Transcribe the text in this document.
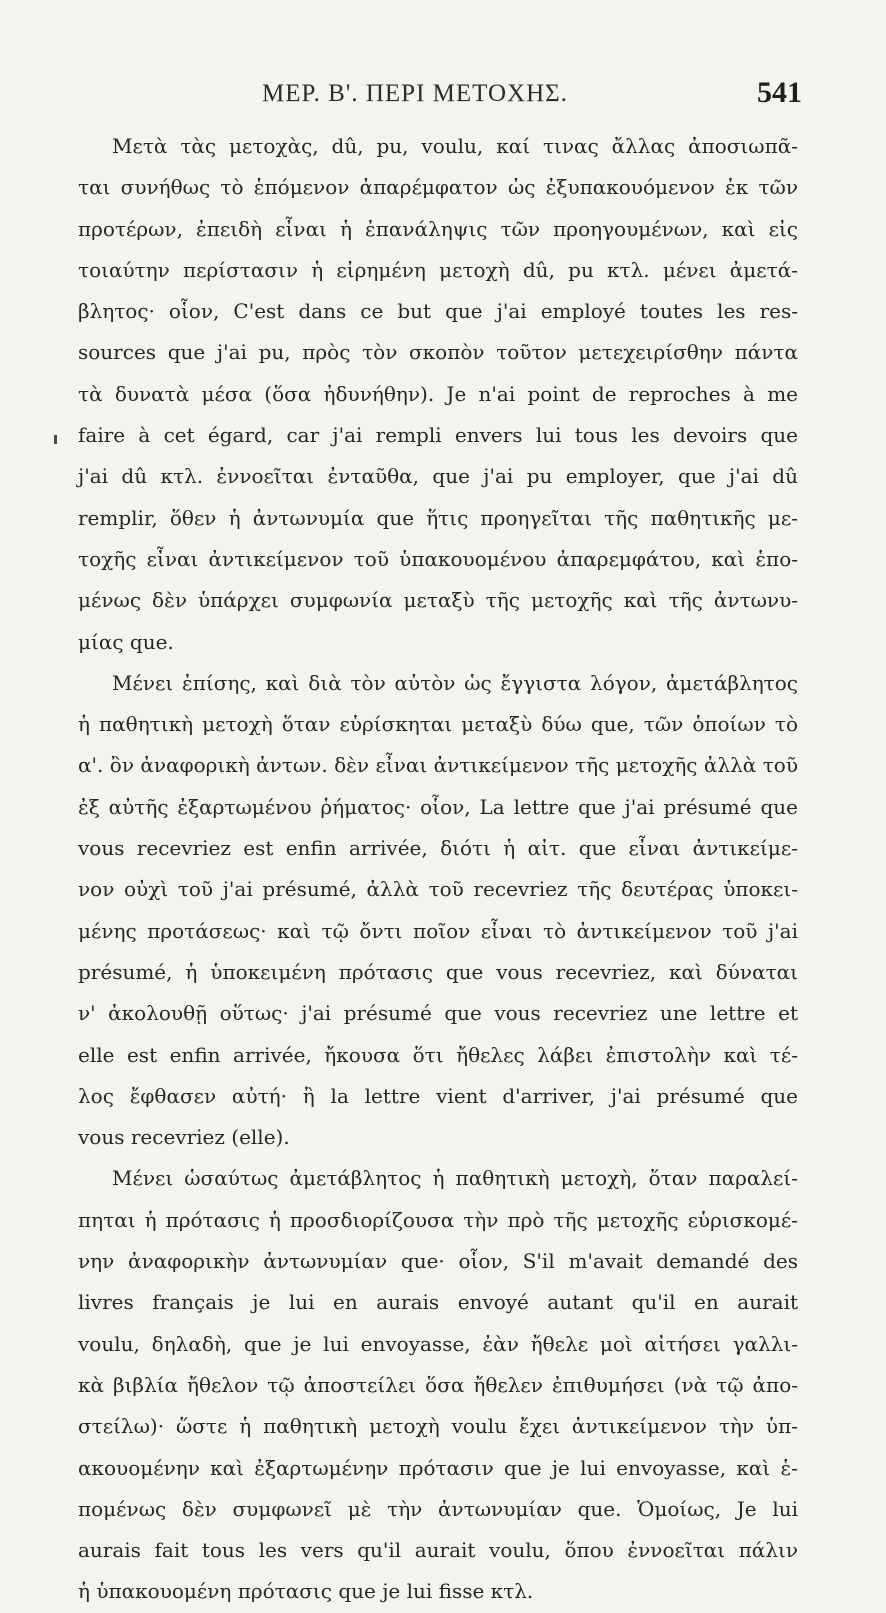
ΜΕΡ. Β'. ΠΕΡΙ ΜΕΤΟΧΗΣ.	541
Μετὰ τὰς μετοχὰς, dû, pu, voulu, καί τινας ἄλλας ἀποσιωπᾶ-
ται συνήθως τὸ ἑπόμενον ἀπαρέμφατον ὡς ἐξυπακουόμενον ἐκ τῶν
προτέρων, ἐπειδὴ εἶναι ἡ ἐπανάληψις τῶν προηγουμένων, καὶ εἰς
τοιαύτην περίστασιν ἡ εἰρημένη μετοχὴ dû, pu κτλ. μένει ἀμετά-
βλητος· οἷον, C'est dans ce but que j'ai employé toutes les res-
sources que j'ai pu, πρὸς τὸν σκοπὸν τοῦτον μετεχειρίσθην πάντα
τὰ δυνατὰ μέσα (ὅσα ἠδυνήθην). Je n'ai point de reproches à me
faire à cet égard, car j'ai rempli envers lui tous les devoirs que
j'ai dû κτλ. ἐννοεῖται ἐνταῦθα, que j'ai pu employer, que j'ai dû
remplir, ὅθεν ἡ ἀντωνυμία que ἥτις προηγεῖται τῆς παθητικῆς με-
τοχῆς εἶναι ἀντικείμενον τοῦ ὑπακουομένου ἀπαρεμφάτου, καὶ ἑπο-
μένως δὲν ὑπάρχει συμφωνία μεταξὺ τῆς μετοχῆς καὶ τῆς ἀντωνυ-
μίας que.
Μένει ἐπίσης, καὶ διὰ τὸν αὐτὸν ὡς ἔγγιστα λόγον, ἀμετάβλητος
ἡ παθητικὴ μετοχὴ ὅταν εὑρίσκηται μεταξὺ δύω que, τῶν ὁποίων τὸ
α'. ὂν ἀναφορικὴ ἀντων. δὲν εἶναι ἀντικείμενον τῆς μετοχῆς ἀλλὰ τοῦ
ἐξ αὐτῆς ἐξαρτωμένου ῥήματος· οἷον, La lettre que j'ai présumé que
vous recevriez est enfin arrivée, διότι ἡ αἰτ. que εἶναι ἀντικείμε-
νον οὐχὶ τοῦ j'ai présumé, ἀλλὰ τοῦ recevriez τῆς δευτέρας ὑποκει-
μένης προτάσεως· καὶ τῷ ὄντι ποῖον εἶναι τὸ ἀντικείμενον τοῦ j'ai
présumé, ἡ ὑποκειμένη πρότασις que vous recevriez, καὶ δύναται
ν' ἀκολουθῇ οὕτως· j'ai présumé que vous recevriez une lettre et
elle est enfin arrivée, ἤκουσα ὅτι ἤθελες λάβει ἐπιστολὴν καὶ τέ-
λος ἔφθασεν αὐτή· ἢ la lettre vient d'arriver, j'ai présumé que
vous recevriez (elle).
Μένει ὡσαύτως ἀμετάβλητος ἡ παθητικὴ μετοχὴ, ὅταν παραλεί-
πηται ἡ πρότασις ἡ προσδιορίζουσα τὴν πρὸ τῆς μετοχῆς εὑρισκομέ-
νην ἀναφορικὴν ἀντωνυμίαν que· οἷον, S'il m'avait demandé des
livres français je lui en aurais envoyé autant qu'il en aurait
voulu, δηλαδὴ, que je lui envoyasse, ἐὰν ἤθελε μοὶ αἰτήσει γαλλι-
κὰ βιβλία ἤθελον τῷ ἀποστείλει ὅσα ἤθελεν ἐπιθυμήσει (νὰ τῷ ἀπο-
στείλω)· ὥστε ἡ παθητικὴ μετοχὴ voulu ἔχει ἀντικείμενον τὴν ὑπ-
ακουομένην καὶ ἐξαρτωμένην πρότασιν que je lui envoyasse, καὶ ἑ-
πομένως δὲν συμφωνεῖ μὲ τὴν ἀντωνυμίαν que. Ὁμοίως, Je lui
aurais fait tous les vers qu'il aurait voulu, ὅπου ἐννοεῖται πάλιν
ἡ ὑπακουομένη πρότασις que je lui fisse κτλ.
